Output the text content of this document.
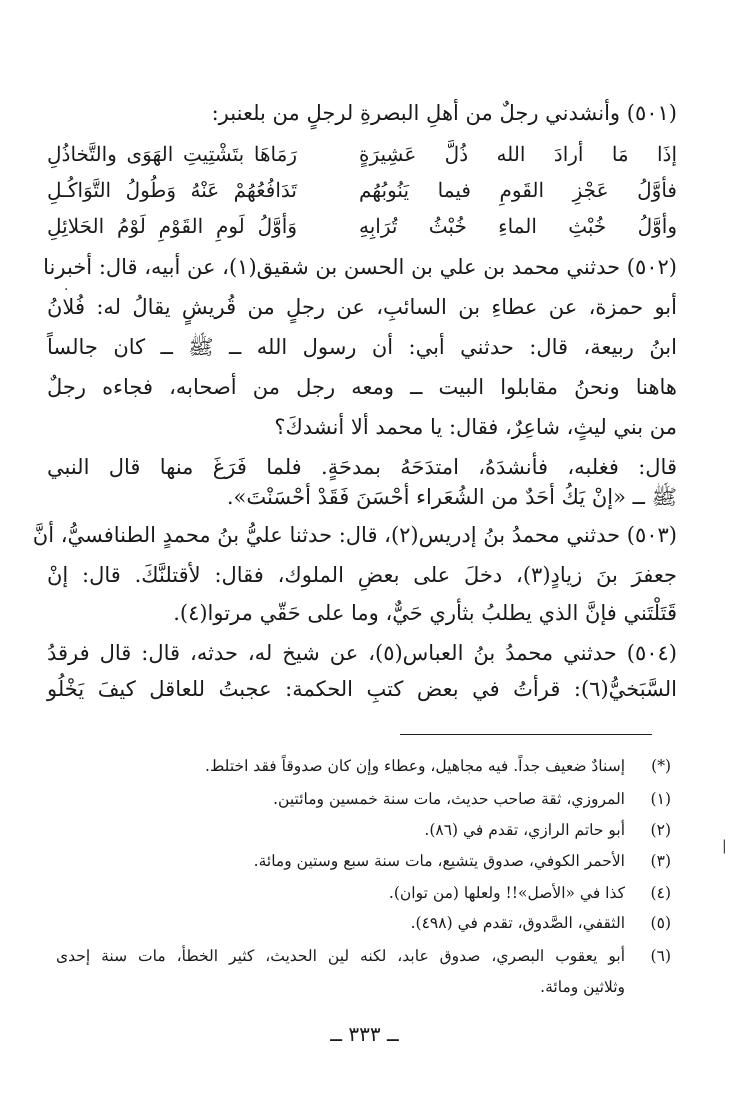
(٥٠١) وأنشدني رجلٌ من أهلِ البصرةِ لرجلٍ من بلعنبر:
إذَا مَا أرادَ الله ذُلَّ عَشِيرَةٍ
رَمَاهَا بتَشْتِيتِ الهَوَى والتَّخاذُلِ
فأوَّلُ عَجْزِ القَومِ فيما يَنُوبُهُم
تَدَافُعُهُمْ عَنْهُ وَطُولُ التَّوَاكُـلِ
وأوَّلُ خُبْثِ الماءِ خُبْثُ تُرَابِهِ
وَأوَّلُ لَومِ القَوْمِ لَوْمُ الحَلائِلِ
(٥٠٢) حدثني محمد بن علي بن الحسن بن شقيق(١)، عن أبيه، قال: أخبرنا
أبو حمزة، عن عطاءِ بن السائبِ، عن رجلٍ من قُريشٍ يقالُ له: فُلانُ
ابنُ ربيعة، قال: حدثني أبي: أن رسول الله ــ ﷺ ــ كان جالساً
هاهنا ونحنُ مقابلوا البيت ــ ومعه رجل من أصحابه، فجاءه رجلٌ
من بني ليثٍ، شاعِرٌ، فقال: يا محمد ألا أنشدكَ؟
قال: فغلبه، فأنشدَهُ، امتدَحَهُ بمدحَةٍ. فلما فَرَغَ منها قال النبي
ﷺ ــ «إنْ يَكُ أحَدٌ من الشُعَراء أحْسَنَ فَقَدْ أحْسَنْتَ».
(٥٠٣) حدثني محمدُ بنُ إدريس(٢)، قال: حدثنا عليُّ بنُ محمدٍ الطنافسيُّ، أنَّ
جعفرَ بنَ زيادٍ(٣)، دخلَ على بعضِ الملوك، فقال: لأقتلنَّكَ. قال: إنْ
قَتَلْتَني فإنَّ الذي يطلبُ بثأري حَيٌّ، وما على حَقّي مرتوا(٤).
(٥٠٤) حدثني محمدُ بنُ العباس(٥)، عن شيخ له، حدثه، قال: قال فرقدُ
السَّبَخيُّ(٦): قرأتُ في بعض كتبِ الحكمة: عجبتُ للعاقل كيفَ يَخْلُو
(*)
إسنادٌ ضعيف جداً. فيه مجاهيل، وعطاء وإن كان صدوقاً فقد اختلط.
(١)
المروزي، ثقة صاحب حديث، مات سنة خمسين ومائتين.
(٢)
أبو حاتم الرازي، تقدم في (٨٦).
(٣)
الأحمر الكوفي، صدوق يتشيع، مات سنة سبع وستين ومائة.
(٤)
كذا في «الأصل»!! ولعلها (من توان).
(٥)
الثقفي، الصَّدوق، تقدم في (٤٩٨).
(٦)
أبو يعقوب البصري، صدوق عابد، لكنه لين الحديث، كثير الخطأ، مات سنة إحدى
وثلاثين ومائة.
ــ ٣٣٣ ــ
·
|
